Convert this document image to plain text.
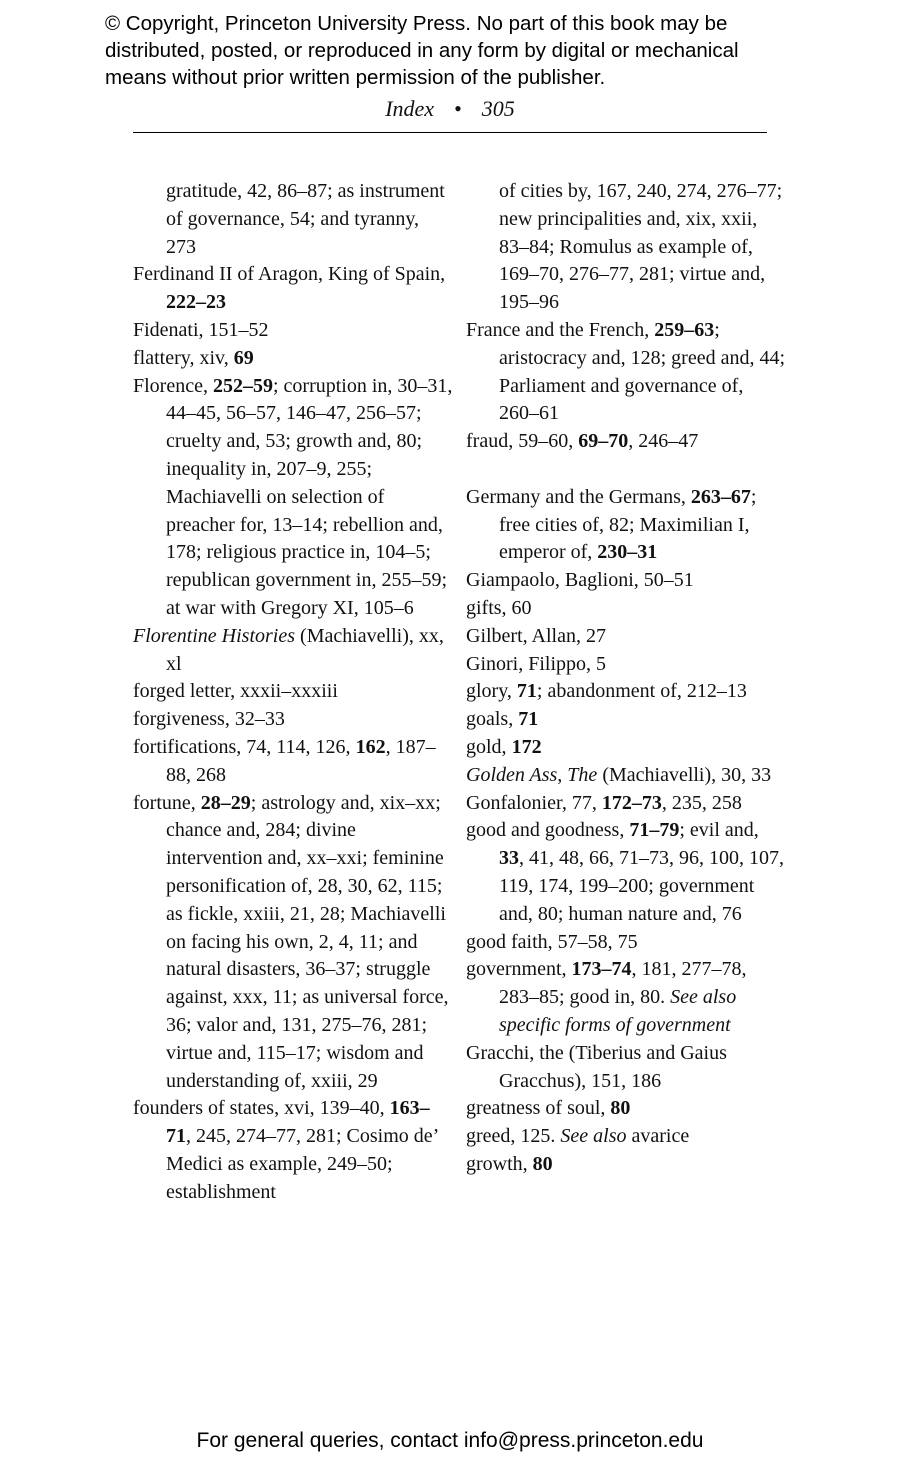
© Copyright, Princeton University Press. No part of this book may be
distributed, posted, or reproduced in any form by digital or mechanical
means without prior written permission of the publisher.
Index • 305
gratitude, 42, 86–87; as instrument of governance, 54; and tyranny, 273
Ferdinand II of Aragon, King of Spain, 222–23
Fidenati, 151–52
flattery, xiv, 69
Florence, 252–59; corruption in, 30–31, 44–45, 56–57, 146–47, 256–57; cruelty and, 53; growth and, 80; inequality in, 207–9, 255; Machiavelli on selection of preacher for, 13–14; rebellion and, 178; religious practice in, 104–5; republican government in, 255–59; at war with Gregory XI, 105–6
Florentine Histories (Machiavelli), xx, xl
forged letter, xxxii–xxxiii
forgiveness, 32–33
fortifications, 74, 114, 126, 162, 187–88, 268
fortune, 28–29; astrology and, xix–xx; chance and, 284; divine intervention and, xx–xxi; feminine personification of, 28, 30, 62, 115; as fickle, xxiii, 21, 28; Machiavelli on facing his own, 2, 4, 11; and natural disasters, 36–37; struggle against, xxx, 11; as universal force, 36; valor and, 131, 275–76, 281; virtue and, 115–17; wisdom and understanding of, xxiii, 29
founders of states, xvi, 139–40, 163–71, 245, 274–77, 281; Cosimo de’ Medici as example, 249–50; establishment
of cities by, 167, 240, 274, 276–77; new principalities and, xix, xxii, 83–84; Romulus as example of, 169–70, 276–77, 281; virtue and, 195–96
France and the French, 259–63; aristocracy and, 128; greed and, 44; Parliament and governance of, 260–61
fraud, 59–60, 69–70, 246–47
Germany and the Germans, 263–67; free cities of, 82; Maximilian I, emperor of, 230–31
Giampaolo, Baglioni, 50–51
gifts, 60
Gilbert, Allan, 27
Ginori, Filippo, 5
glory, 71; abandonment of, 212–13
goals, 71
gold, 172
Golden Ass, The (Machiavelli), 30, 33
Gonfalonier, 77, 172–73, 235, 258
good and goodness, 71–79; evil and, 33, 41, 48, 66, 71–73, 96, 100, 107, 119, 174, 199–200; government and, 80; human nature and, 76
good faith, 57–58, 75
government, 173–74, 181, 277–78, 283–85; good in, 80. See also specific forms of government
Gracchi, the (Tiberius and Gaius Gracchus), 151, 186
greatness of soul, 80
greed, 125. See also avarice
growth, 80
For general queries, contact info@press.princeton.edu
